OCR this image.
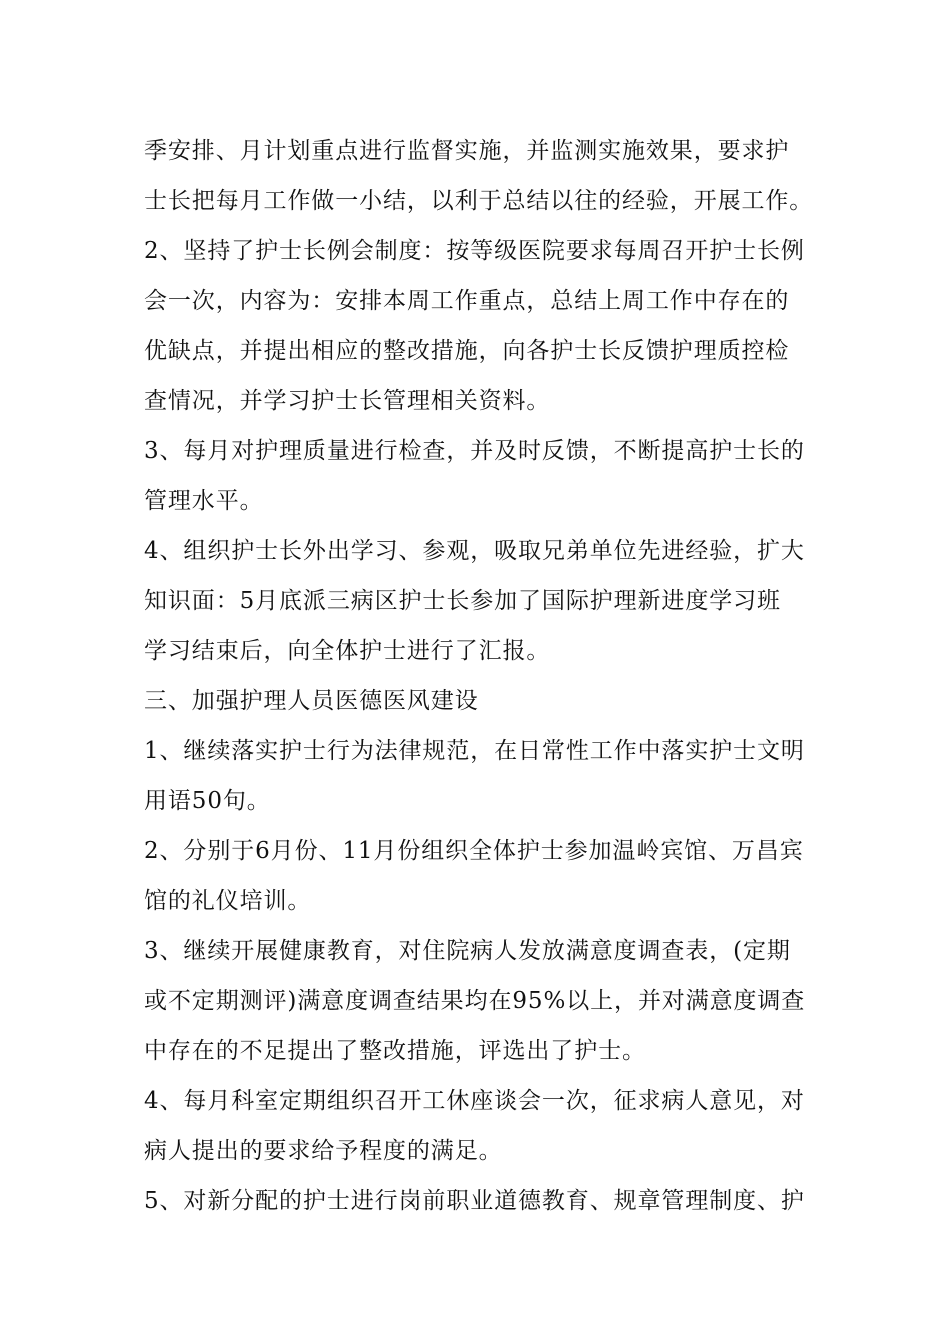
季安排、月计划重点进行监督实施，并监测实施效果，要求护
士长把每月工作做一小结，以利于总结以往的经验，开展工作。
2、坚持了护士长例会制度：按等级医院要求每周召开护士长例
会一次，内容为：安排本周工作重点，总结上周工作中存在的
优缺点，并提出相应的整改措施，向各护士长反馈护理质控检
查情况，并学习护士长管理相关资料。
3、每月对护理质量进行检查，并及时反馈，不断提高护士长的
管理水平。
4、组织护士长外出学习、参观，吸取兄弟单位先进经验，扩大
知识面：5月底派三病区护士长参加了国际护理新进度学习班
学习结束后，向全体护士进行了汇报。
三、加强护理人员医德医风建设
1、继续落实护士行为法律规范，在日常性工作中落实护士文明
用语50句。
2、分别于6月份、11月份组织全体护士参加温岭宾馆、万昌宾
馆的礼仪培训。
3、继续开展健康教育，对住院病人发放满意度调查表，(定期
或不定期测评)满意度调查结果均在95%以上，并对满意度调查
中存在的不足提出了整改措施，评选出了护士。
4、每月科室定期组织召开工休座谈会一次，征求病人意见，对
病人提出的要求给予程度的满足。
5、对新分配的护士进行岗前职业道德教育、规章管理制度、护
